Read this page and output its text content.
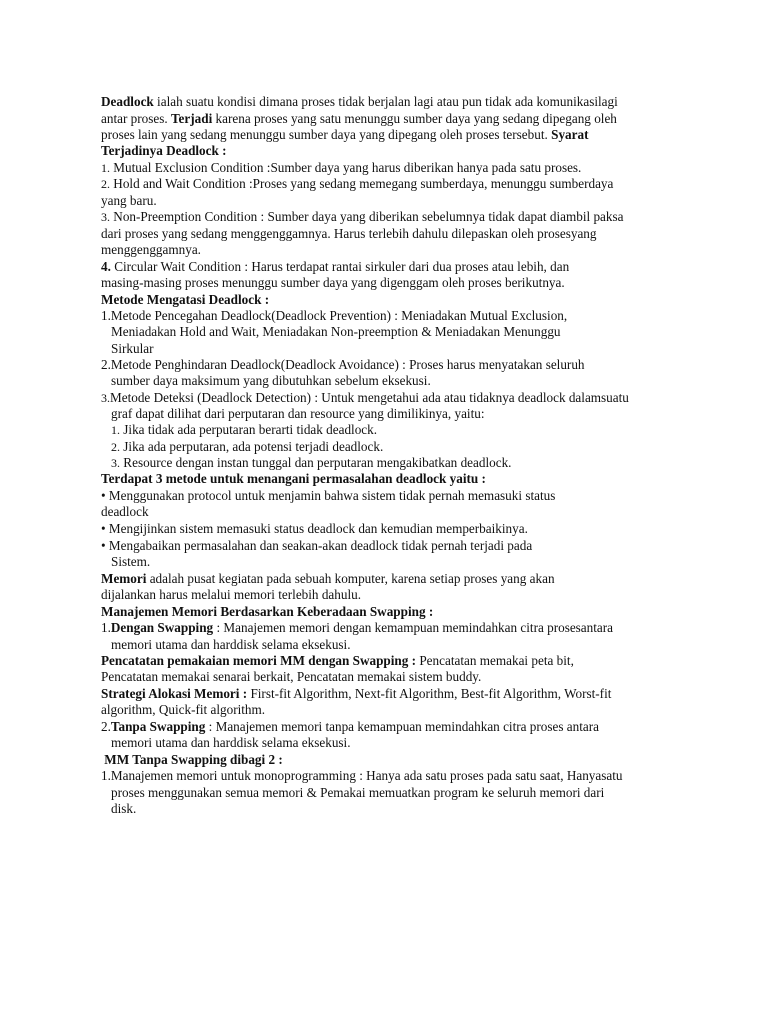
Deadlock ialah suatu kondisi dimana proses tidak berjalan lagi atau pun tidak ada komunikasilagi
antar proses. Terjadi karena proses yang satu menunggu sumber daya yang sedang dipegang oleh
proses lain yang sedang menunggu sumber daya yang dipegang oleh proses tersebut. Syarat
Terjadinya Deadlock :
1. Mutual Exclusion Condition :Sumber daya yang harus diberikan hanya pada satu proses.
2. Hold and Wait Condition :Proses yang sedang memegang sumberdaya, menunggu sumberdaya
yang baru.
3. Non-Preemption Condition : Sumber daya yang diberikan sebelumnya tidak dapat diambil paksa
dari proses yang sedang menggenggamnya. Harus terlebih dahulu dilepaskan oleh prosesyang
menggenggamnya.
4. Circular Wait Condition : Harus terdapat rantai sirkuler dari dua proses atau lebih, dan
masing-masing proses menunggu sumber daya yang digenggam oleh proses berikutnya.
Metode Mengatasi Deadlock :
1.Metode Pencegahan Deadlock(Deadlock Prevention) : Meniadakan Mutual Exclusion,
Meniadakan Hold and Wait, Meniadakan Non-preemption & Meniadakan Menunggu
Sirkular
2.Metode Penghindaran Deadlock(Deadlock Avoidance) : Proses harus menyatakan seluruh
sumber daya maksimum yang dibutuhkan sebelum eksekusi.
3.Metode Deteksi (Deadlock Detection) : Untuk mengetahui ada atau tidaknya deadlock dalamsuatu
graf dapat dilihat dari perputaran dan resource yang dimilikinya, yaitu:
1. Jika tidak ada perputaran berarti tidak deadlock.
2. Jika ada perputaran, ada potensi terjadi deadlock.
3. Resource dengan instan tunggal dan perputaran mengakibatkan deadlock.
Terdapat 3 metode untuk menangani permasalahan deadlock yaitu :
• Menggunakan protocol untuk menjamin bahwa sistem tidak pernah memasuki status
deadlock
• Mengijinkan sistem memasuki status deadlock dan kemudian memperbaikinya.
• Mengabaikan permasalahan dan seakan-akan deadlock tidak pernah terjadi pada
Sistem.
Memori adalah pusat kegiatan pada sebuah komputer, karena setiap proses yang akan
dijalankan harus melalui memori terlebih dahulu.
Manajemen Memori Berdasarkan Keberadaan Swapping :
1.Dengan Swapping : Manajemen memori dengan kemampuan memindahkan citra prosesantara
memori utama dan harddisk selama eksekusi.
Pencatatan pemakaian memori MM dengan Swapping : Pencatatan memakai peta bit,
Pencatatan memakai senarai berkait, Pencatatan memakai sistem buddy.
Strategi Alokasi Memori : First-fit Algorithm, Next-fit Algorithm, Best-fit Algorithm, Worst-fit
algorithm, Quick-fit algorithm.
2.Tanpa Swapping : Manajemen memori tanpa kemampuan memindahkan citra proses antara
memori utama dan harddisk selama eksekusi.
MM Tanpa Swapping dibagi 2 :
1.Manajemen memori untuk monoprogramming : Hanya ada satu proses pada satu saat, Hanyasatu
proses menggunakan semua memori & Pemakai memuatkan program ke seluruh memori dari
disk.
